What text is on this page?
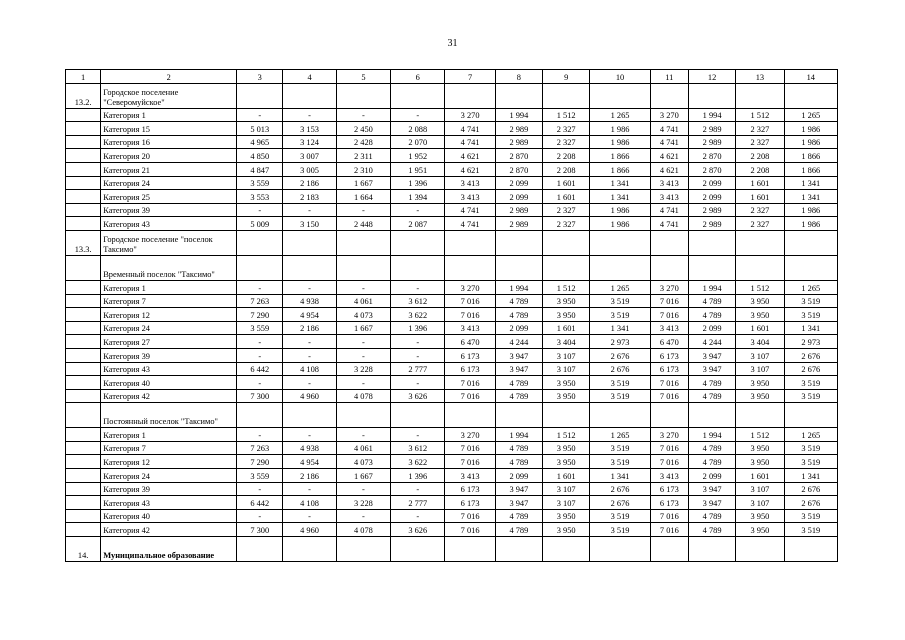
31
1	2	3	4	5	6	7	8	9	10	11	12	13	14
13.2.	Городское поселение "Северомуйское"												
	Категория 1	-	-	-	-	3 270	1 994	1 512	1 265	3 270	1 994	1 512	1 265
	Категория 15	5 013	3 153	2 450	2 088	4 741	2 989	2 327	1 986	4 741	2 989	2 327	1 986
	Категория 16	4 965	3 124	2 428	2 070	4 741	2 989	2 327	1 986	4 741	2 989	2 327	1 986
	Категория 20	4 850	3 007	2 311	1 952	4 621	2 870	2 208	1 866	4 621	2 870	2 208	1 866
	Категория 21	4 847	3 005	2 310	1 951	4 621	2 870	2 208	1 866	4 621	2 870	2 208	1 866
	Категория 24	3 559	2 186	1 667	1 396	3 413	2 099	1 601	1 341	3 413	2 099	1 601	1 341
	Категория 25	3 553	2 183	1 664	1 394	3 413	2 099	1 601	1 341	3 413	2 099	1 601	1 341
	Категория 39	-	-	-	-	4 741	2 989	2 327	1 986	4 741	2 989	2 327	1 986
	Категория 43	5 009	3 150	2 448	2 087	4 741	2 989	2 327	1 986	4 741	2 989	2 327	1 986
13.3.	Городское поселение "поселок Таксимо"												
	Временный поселок "Таксимо"												
	Категория 1	-	-	-	-	3 270	1 994	1 512	1 265	3 270	1 994	1 512	1 265
	Категория 7	7 263	4 938	4 061	3 612	7 016	4 789	3 950	3 519	7 016	4 789	3 950	3 519
	Категория 12	7 290	4 954	4 073	3 622	7 016	4 789	3 950	3 519	7 016	4 789	3 950	3 519
	Категория 24	3 559	2 186	1 667	1 396	3 413	2 099	1 601	1 341	3 413	2 099	1 601	1 341
	Категория 27	-	-	-	-	6 470	4 244	3 404	2 973	6 470	4 244	3 404	2 973
	Категория 39	-	-	-	-	6 173	3 947	3 107	2 676	6 173	3 947	3 107	2 676
	Категория 43	6 442	4 108	3 228	2 777	6 173	3 947	3 107	2 676	6 173	3 947	3 107	2 676
	Категория 40	-	-	-	-	7 016	4 789	3 950	3 519	7 016	4 789	3 950	3 519
	Категория 42	7 300	4 960	4 078	3 626	7 016	4 789	3 950	3 519	7 016	4 789	3 950	3 519
	Постоянный поселок "Таксимо"												
	Категория 1	-	-	-	-	3 270	1 994	1 512	1 265	3 270	1 994	1 512	1 265
	Категория 7	7 263	4 938	4 061	3 612	7 016	4 789	3 950	3 519	7 016	4 789	3 950	3 519
	Категория 12	7 290	4 954	4 073	3 622	7 016	4 789	3 950	3 519	7 016	4 789	3 950	3 519
	Категория 24	3 559	2 186	1 667	1 396	3 413	2 099	1 601	1 341	3 413	2 099	1 601	1 341
	Категория 39	-	-	-	-	6 173	3 947	3 107	2 676	6 173	3 947	3 107	2 676
	Категория 43	6 442	4 108	3 228	2 777	6 173	3 947	3 107	2 676	6 173	3 947	3 107	2 676
	Категория 40	-	-	-	-	7 016	4 789	3 950	3 519	7 016	4 789	3 950	3 519
	Категория 42	7 300	4 960	4 078	3 626	7 016	4 789	3 950	3 519	7 016	4 789	3 950	3 519
14.	Муниципальное образование												
